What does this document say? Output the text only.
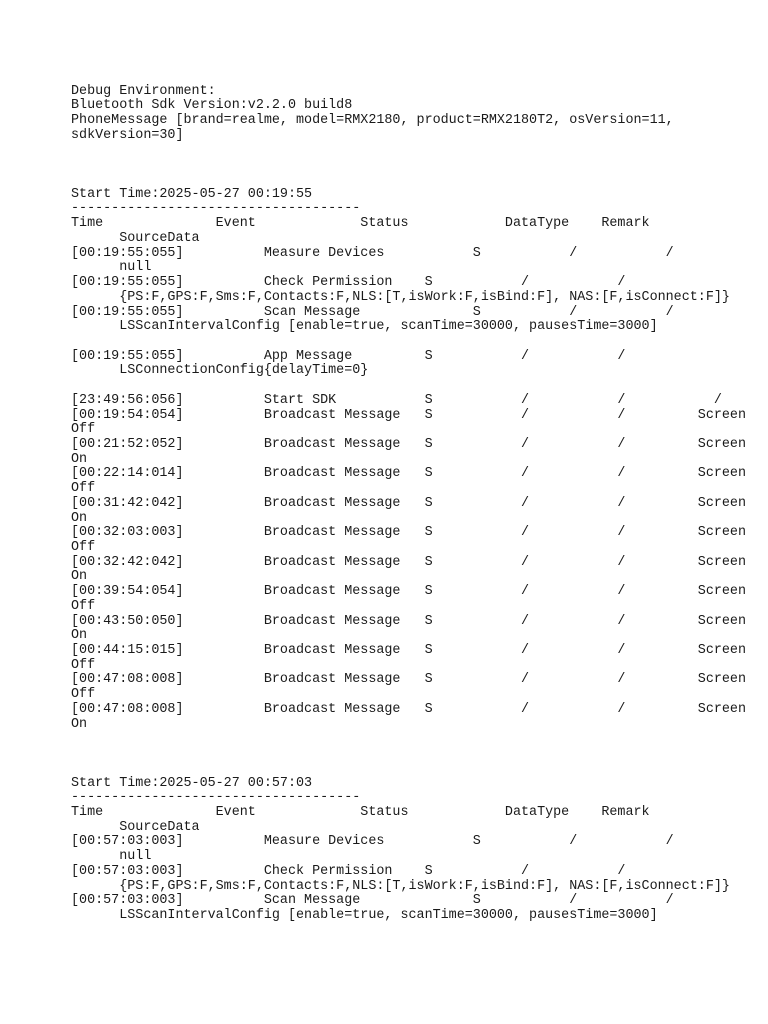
Debug Environment:
Bluetooth Sdk Version:v2.2.0 build8
PhoneMessage [brand=realme, model=RMX2180, product=RMX2180T2, osVersion=11,
sdkVersion=30]

Start Time:2025-05-27 00:19:55
------------------------------------
Time              Event             Status            DataType    Remark
SourceData
[00:19:55:055]          Measure Devices           S           /           /
null
[00:19:55:055]          Check Permission    S           /           /
{PS:F,GPS:F,Sms:F,Contacts:F,NLS:[T,isWork:F,isBind:F], NAS:[F,isConnect:F]}
[00:19:55:055]          Scan Message              S           /           /
LSScanIntervalConfig [enable=true, scanTime=30000, pausesTime=3000]

[00:19:55:055]          App Message         S           /           /
LSConnectionConfig{delayTime=0}

[23:49:56:056]          Start SDK           S           /           /           /
[00:19:54:054]          Broadcast Message   S           /           /         Screen
Off
[00:21:52:052]          Broadcast Message   S           /           /         Screen
On
[00:22:14:014]          Broadcast Message   S           /           /         Screen
Off
[00:31:42:042]          Broadcast Message   S           /           /         Screen
On
[00:32:03:003]          Broadcast Message   S           /           /         Screen
Off
[00:32:42:042]          Broadcast Message   S           /           /         Screen
On
[00:39:54:054]          Broadcast Message   S           /           /         Screen
Off
[00:43:50:050]          Broadcast Message   S           /           /         Screen
On
[00:44:15:015]          Broadcast Message   S           /           /         Screen
Off
[00:47:08:008]          Broadcast Message   S           /           /         Screen
Off
[00:47:08:008]          Broadcast Message   S           /           /         Screen
On

Start Time:2025-05-27 00:57:03
------------------------------------
Time              Event             Status            DataType    Remark
SourceData
[00:57:03:003]          Measure Devices           S           /           /
null
[00:57:03:003]          Check Permission    S           /           /
{PS:F,GPS:F,Sms:F,Contacts:F,NLS:[T,isWork:F,isBind:F], NAS:[F,isConnect:F]}
[00:57:03:003]          Scan Message              S           /           /
LSScanIntervalConfig [enable=true, scanTime=30000, pausesTime=3000]
